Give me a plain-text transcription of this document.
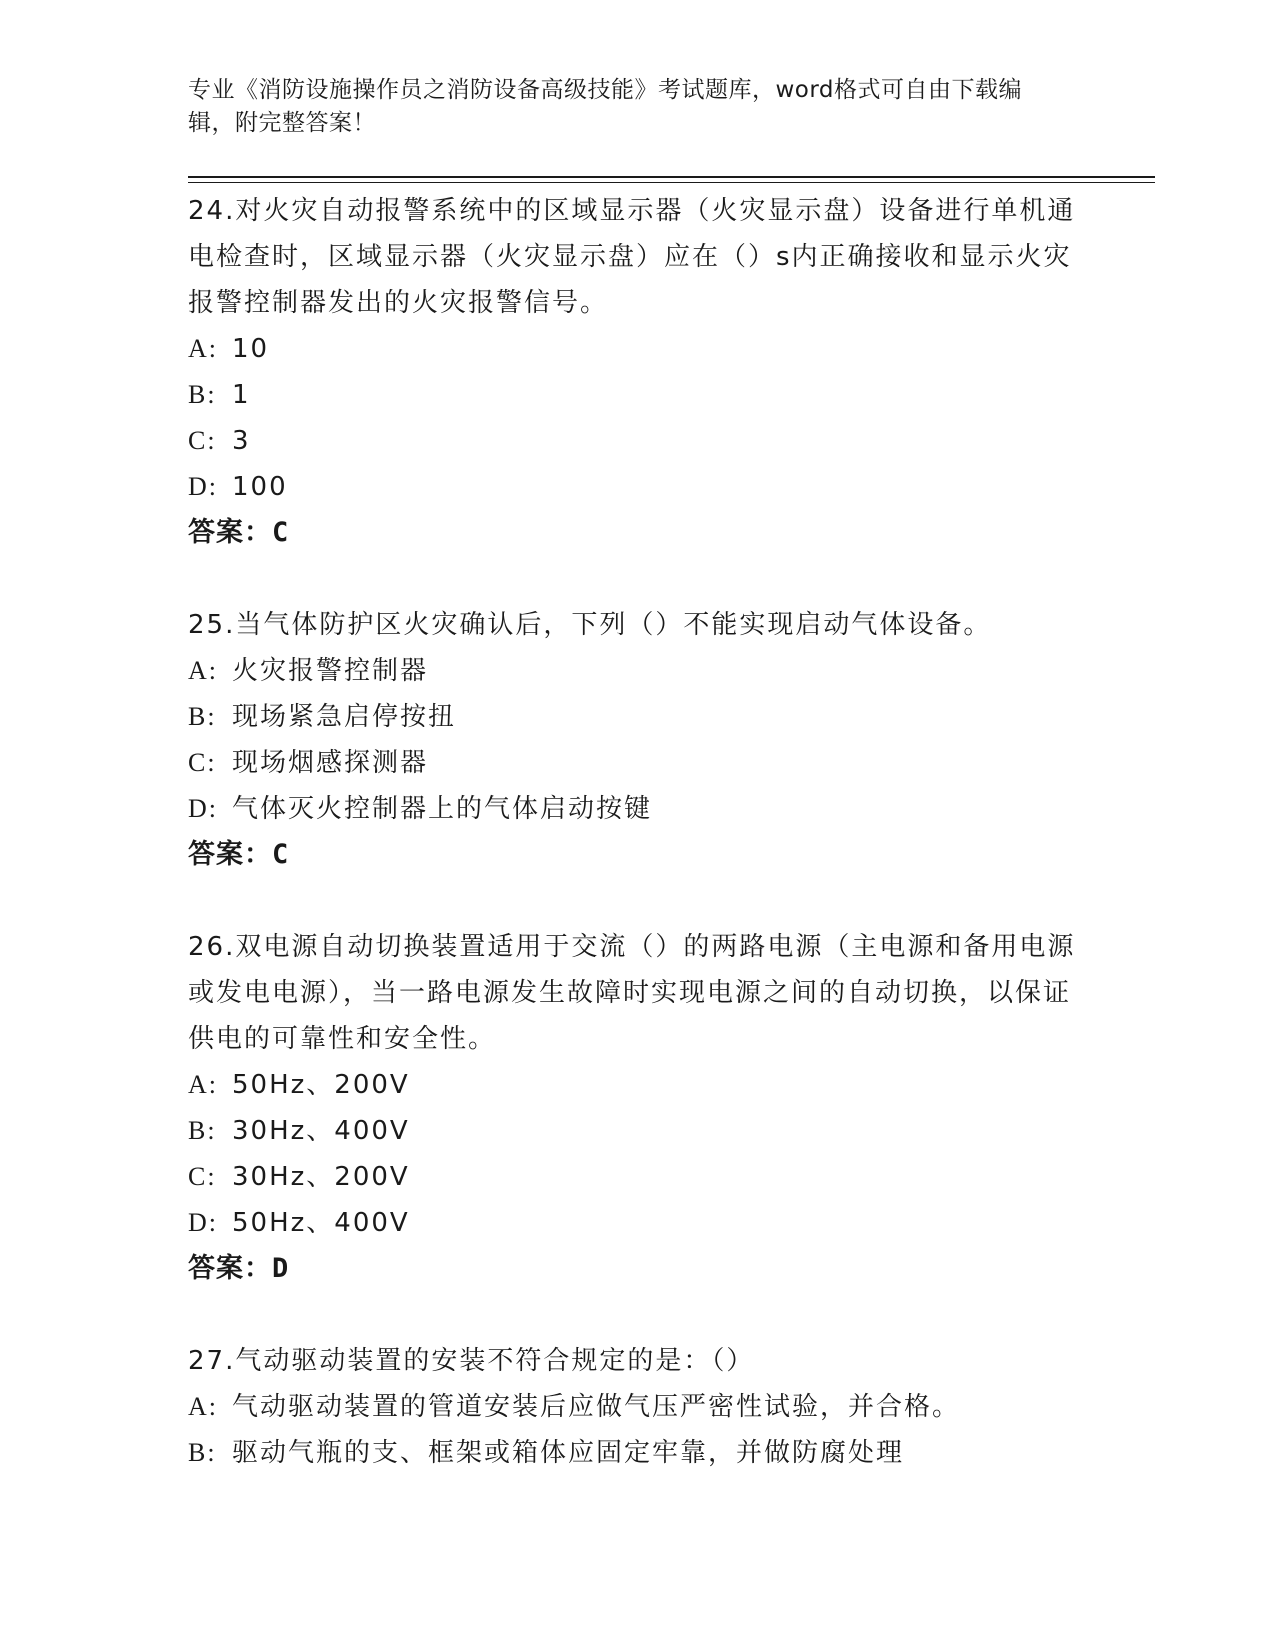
专业《消防设施操作员之消防设备高级技能》考试题库，word格式可自由下载编辑，附完整答案！

24.对火灾自动报警系统中的区域显示器（火灾显示盘）设备进行单机通电检查时，区域显示器（火灾显示盘）应在（）s内正确接收和显示火灾报警控制器发出的火灾报警信号。

A: 10
B: 1
C: 3
D: 100
答案：C

25.当气体防护区火灾确认后，下列（）不能实现启动气体设备。

A: 火灾报警控制器
B: 现场紧急启停按扭
C: 现场烟感探测器
D: 气体灭火控制器上的气体启动按键
答案：C

26.双电源自动切换装置适用于交流（）的两路电源（主电源和备用电源或发电电源），当一路电源发生故障时实现电源之间的自动切换，以保证供电的可靠性和安全性。

A: 50Hz、200V
B: 30Hz、400V
C: 30Hz、200V
D: 50Hz、400V
答案：D

27.气动驱动装置的安装不符合规定的是：（）

A: 气动驱动装置的管道安装后应做气压严密性试验，并合格。
B: 驱动气瓶的支、框架或箱体应固定牢靠，并做防腐处理
